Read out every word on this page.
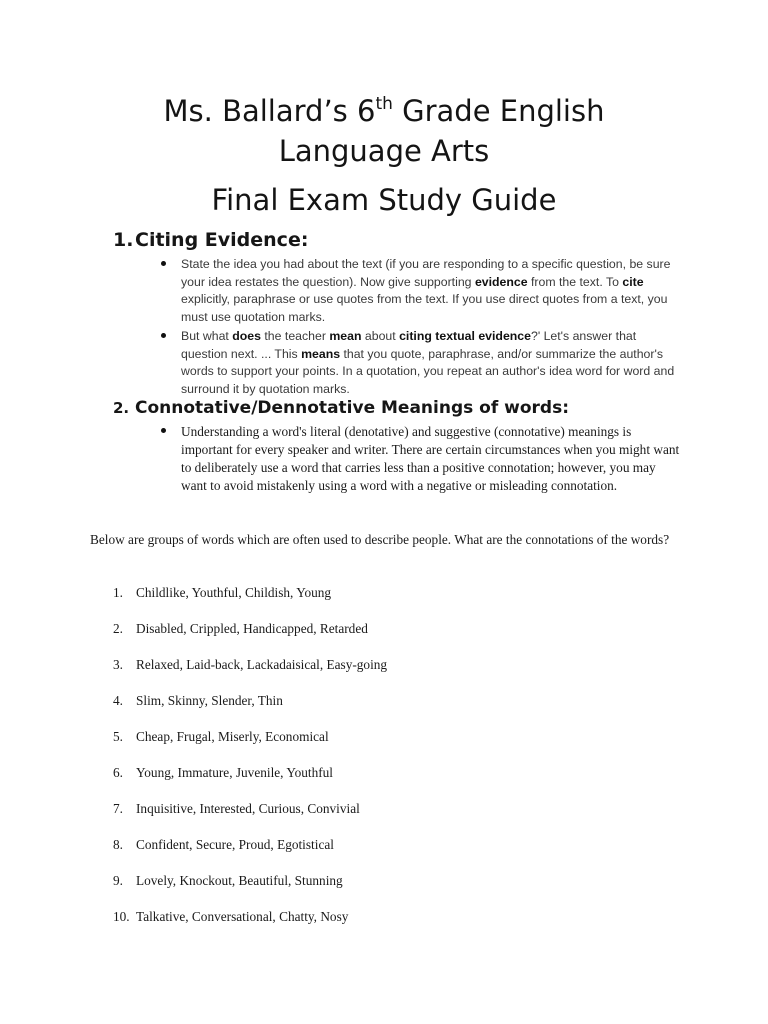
Ms. Ballard’s 6th Grade English
Language Arts
Final Exam Study Guide
1.Citing Evidence:
State the idea you had about the text (if you are responding to a specific question, be sure your idea restates the question). Now give supporting evidence from the text. To cite explicitly, paraphrase or use quotes from the text. If you use direct quotes from a text, you must use quotation marks.
But what does the teacher mean about citing textual evidence?' Let's answer that question next. ... This means that you quote, paraphrase, and/or summarize the author's words to support your points. In a quotation, you repeat an author's idea word for word and surround it by quotation marks.
2. Connotative/Dennotative Meanings of words:
Understanding a word's literal (denotative) and suggestive (connotative) meanings is important for every speaker and writer. There are certain circumstances when you might want to deliberately use a word that carries less than a positive connotation; however, you may want to avoid mistakenly using a word with a negative or misleading connotation.

Below are groups of words which are often used to describe people. What are the connotations of the words?

1. Childlike, Youthful, Childish, Young
2. Disabled, Crippled, Handicapped, Retarded
3. Relaxed, Laid-back, Lackadaisical, Easy-going
4. Slim, Skinny, Slender, Thin
5. Cheap, Frugal, Miserly, Economical
6. Young, Immature, Juvenile, Youthful
7. Inquisitive, Interested, Curious, Convivial
8. Confident, Secure, Proud, Egotistical
9. Lovely, Knockout, Beautiful, Stunning
10. Talkative, Conversational, Chatty, Nosy
